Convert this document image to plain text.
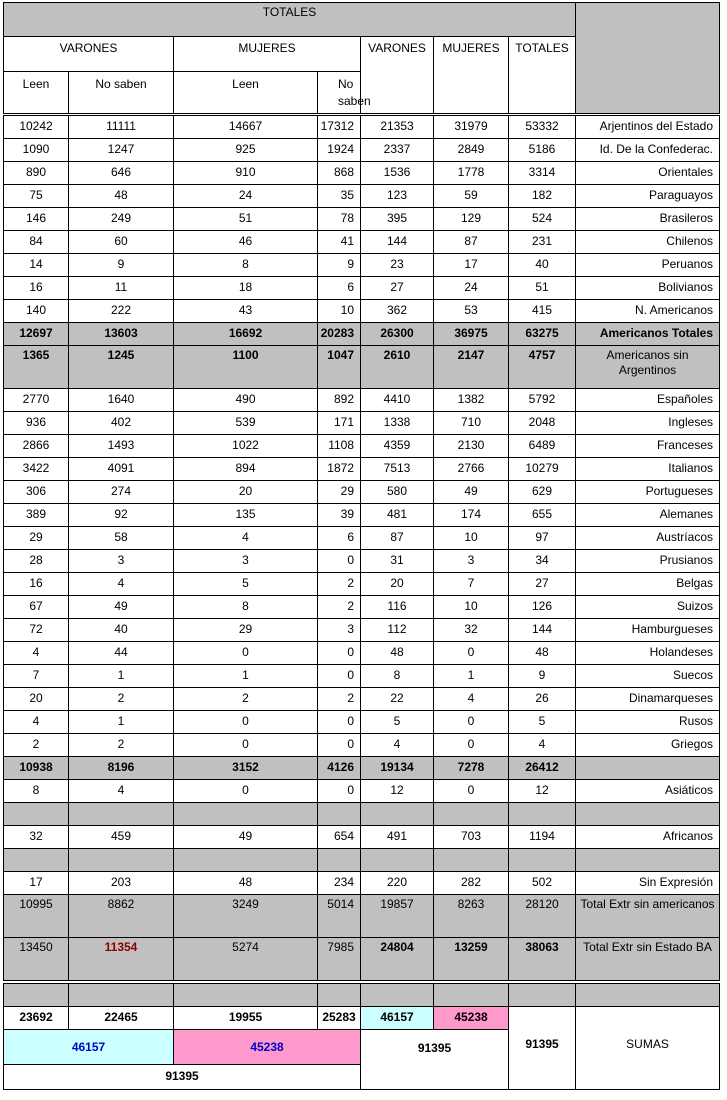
TOTALES
VARONES	MUJERES	VARONES	MUJERES	TOTALES
Leen	No saben	Leen	No saben
10242	11111	14667	17312	21353	31979	53332	Arjentinos del Estado
1090	1247	925	1924	2337	2849	5186	Id. De la Confederac.
890	646	910	868	1536	1778	3314	Orientales
75	48	24	35	123	59	182	Paraguayos
146	249	51	78	395	129	524	Brasileros
84	60	46	41	144	87	231	Chilenos
14	9	8	9	23	17	40	Peruanos
16	11	18	6	27	24	51	Bolivianos
140	222	43	10	362	53	415	N. Americanos
12697	13603	16692	20283	26300	36975	63275	Americanos Totales
1365	1245	1100	1047	2610	2147	4757	Americanos sin Argentinos
2770	1640	490	892	4410	1382	5792	Españoles
936	402	539	171	1338	710	2048	Ingleses
2866	1493	1022	1108	4359	2130	6489	Franceses
3422	4091	894	1872	7513	2766	10279	Italianos
306	274	20	29	580	49	629	Portugueses
389	92	135	39	481	174	655	Alemanes
29	58	4	6	87	10	97	Austríacos
28	3	3	0	31	3	34	Prusianos
16	4	5	2	20	7	27	Belgas
67	49	8	2	116	10	126	Suizos
72	40	29	3	112	32	144	Hamburgueses
4	44	0	0	48	0	48	Holandeses
7	1	1	0	8	1	9	Suecos
20	2	2	2	22	4	26	Dinamarqueses
4	1	0	0	5	0	5	Rusos
2	2	0	0	4	0	4	Griegos
10938	8196	3152	4126	19134	7278	26412
8	4	0	0	12	0	12	Asiáticos
32	459	49	654	491	703	1194	Africanos
17	203	48	234	220	282	502	Sin Expresión
10995	8862	3249	5014	19857	8263	28120	Total Extr sin americanos
13450	11354	5274	7985	24804	13259	38063	Total Extr sin Estado BA
23692	22465	19955	25283	46157	45238
91395	SUMAS
46157	45238	91395
91395
